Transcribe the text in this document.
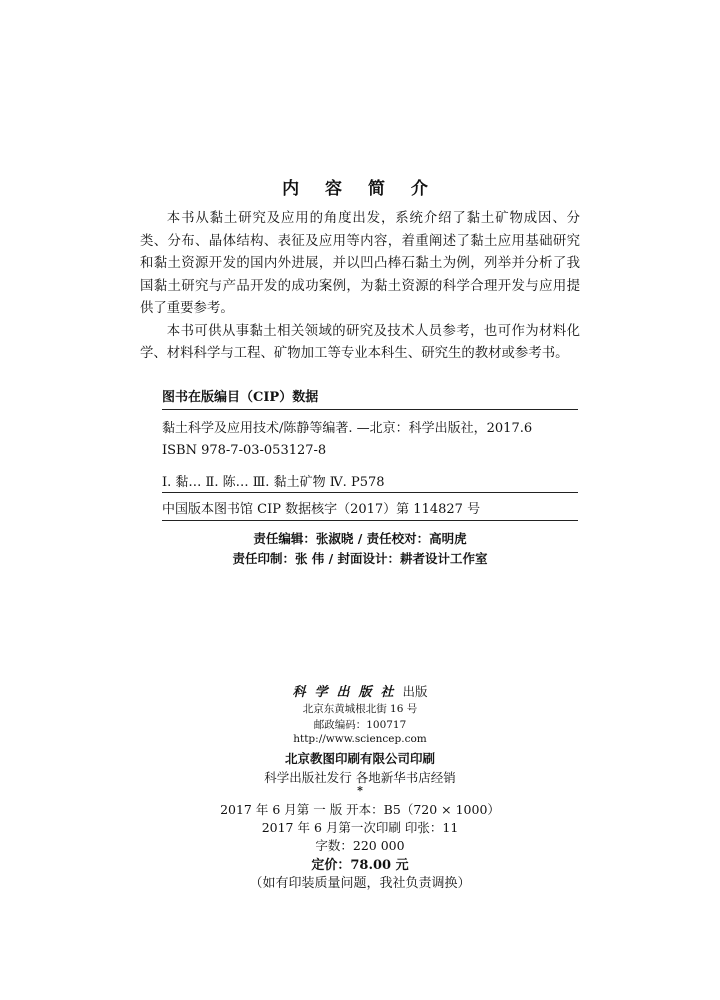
内 容 简 介

本书从黏土研究及应用的角度出发，系统介绍了黏土矿物成因、分类、分布、晶体结构、表征及应用等内容，着重阐述了黏土应用基础研究和黏土资源开发的国内外进展，并以凹凸棒石黏土为例，列举并分析了我国黏土研究与产品开发的成功案例，为黏土资源的科学合理开发与应用提供了重要参考。

本书可供从事黏土相关领域的研究及技术人员参考，也可作为材料化学、材料科学与工程、矿物加工等专业本科生、研究生的教材或参考书。

图书在版编目（CIP）数据
黏土科学及应用技术/陈静等编著. —北京：科学出版社，2017.6
ISBN 978-7-03-053127-8
Ⅰ. 黏… Ⅱ. 陈… Ⅲ. 黏土矿物 Ⅳ. P578
中国版本图书馆 CIP 数据核字（2017）第 114827 号
责任编辑：张淑晓 / 责任校对：高明虎
责任印制：张 伟 / 封面设计：耕者设计工作室
科学出版社出版
北京东黄城根北街 16 号
邮政编码：100717
http://www.sciencep.com
北京教图印刷有限公司印刷
科学出版社发行 各地新华书店经销
*
2017 年 6 月第 一 版 开本：B5（720 × 1000）
2017 年 6 月第一次印刷 印张：11
字数：220 000
定价：78.00 元
（如有印装质量问题，我社负责调换）
